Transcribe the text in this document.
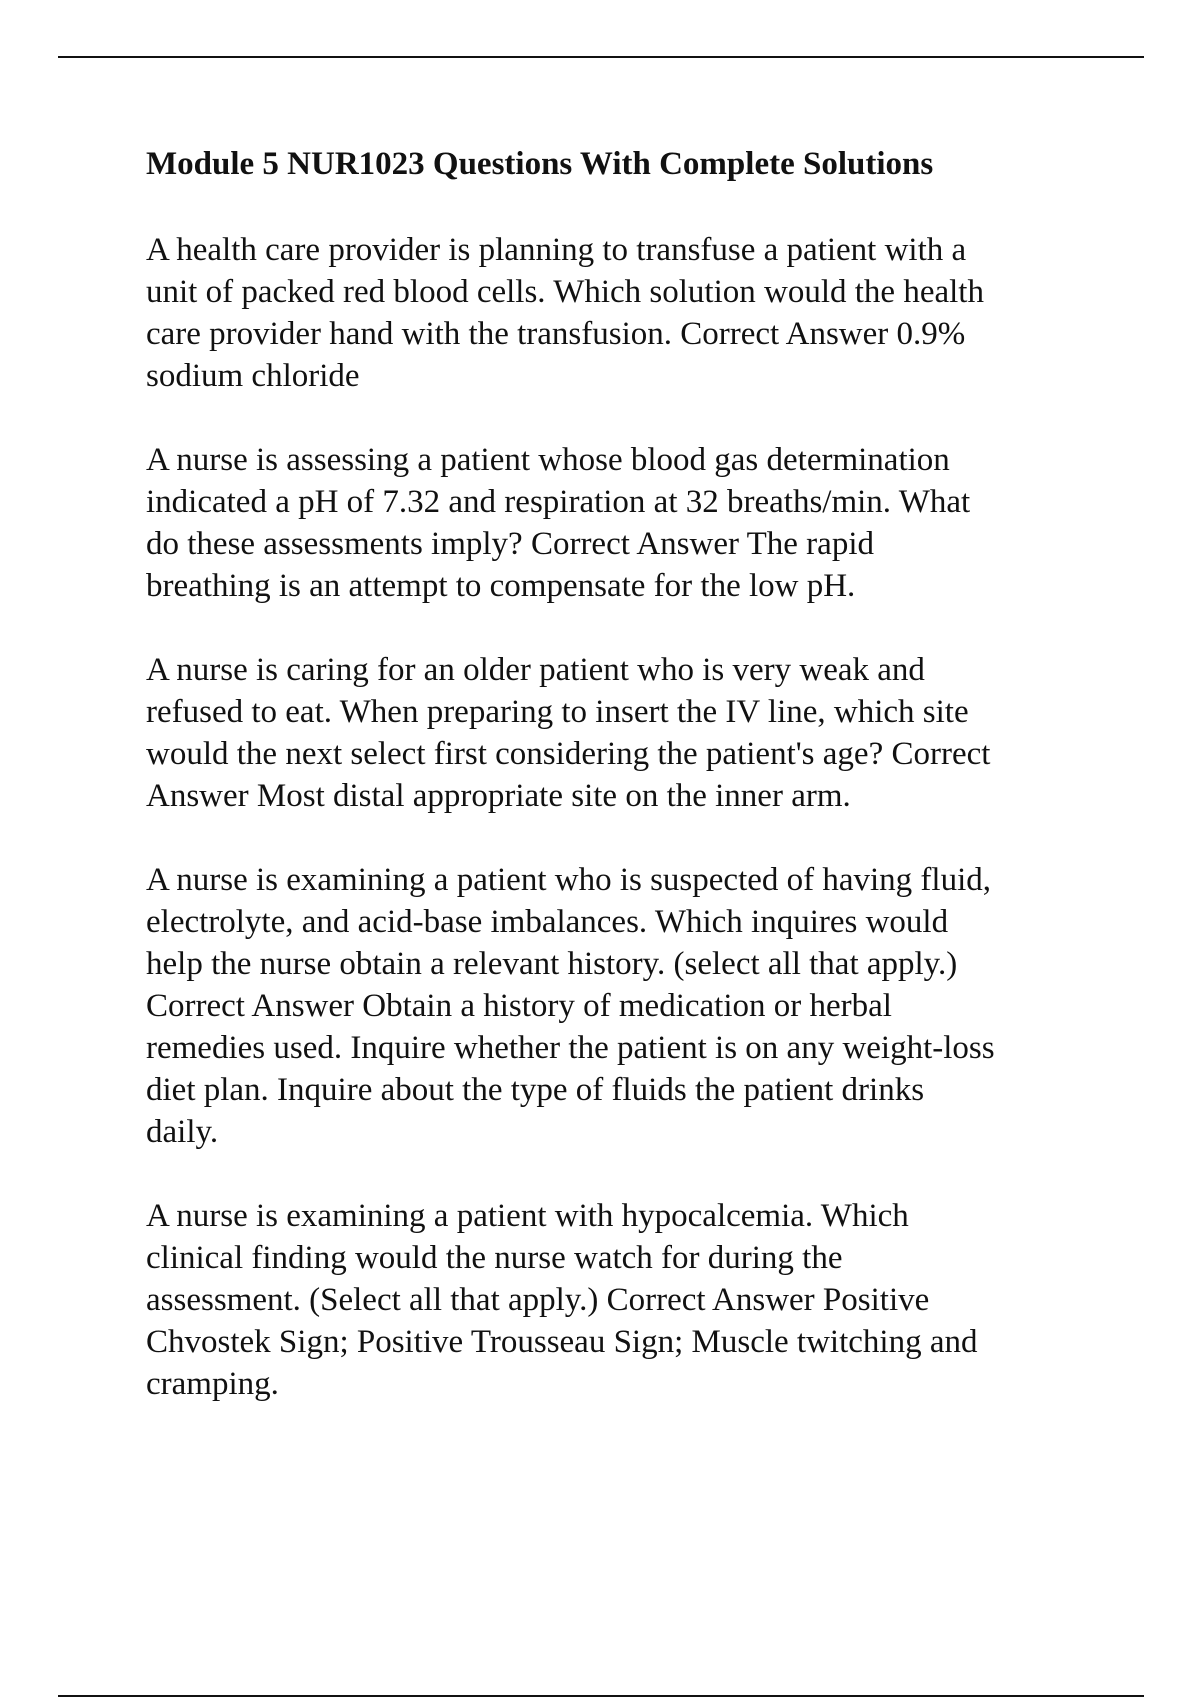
Module 5 NUR1023 Questions With Complete Solutions

A health care provider is planning to transfuse a patient with a
unit of packed red blood cells. Which solution would the health
care provider hand with the transfusion. Correct Answer 0.9%
sodium chloride

A nurse is assessing a patient whose blood gas determination
indicated a pH of 7.32 and respiration at 32 breaths/min. What
do these assessments imply? Correct Answer The rapid
breathing is an attempt to compensate for the low pH.

A nurse is caring for an older patient who is very weak and
refused to eat. When preparing to insert the IV line, which site
would the next select first considering the patient's age? Correct
Answer Most distal appropriate site on the inner arm.

A nurse is examining a patient who is suspected of having fluid,
electrolyte, and acid-base imbalances. Which inquires would
help the nurse obtain a relevant history. (select all that apply.)
Correct Answer Obtain a history of medication or herbal
remedies used. Inquire whether the patient is on any weight-loss
diet plan. Inquire about the type of fluids the patient drinks
daily.

A nurse is examining a patient with hypocalcemia. Which
clinical finding would the nurse watch for during the
assessment. (Select all that apply.) Correct Answer Positive
Chvostek Sign; Positive Trousseau Sign; Muscle twitching and
cramping.
